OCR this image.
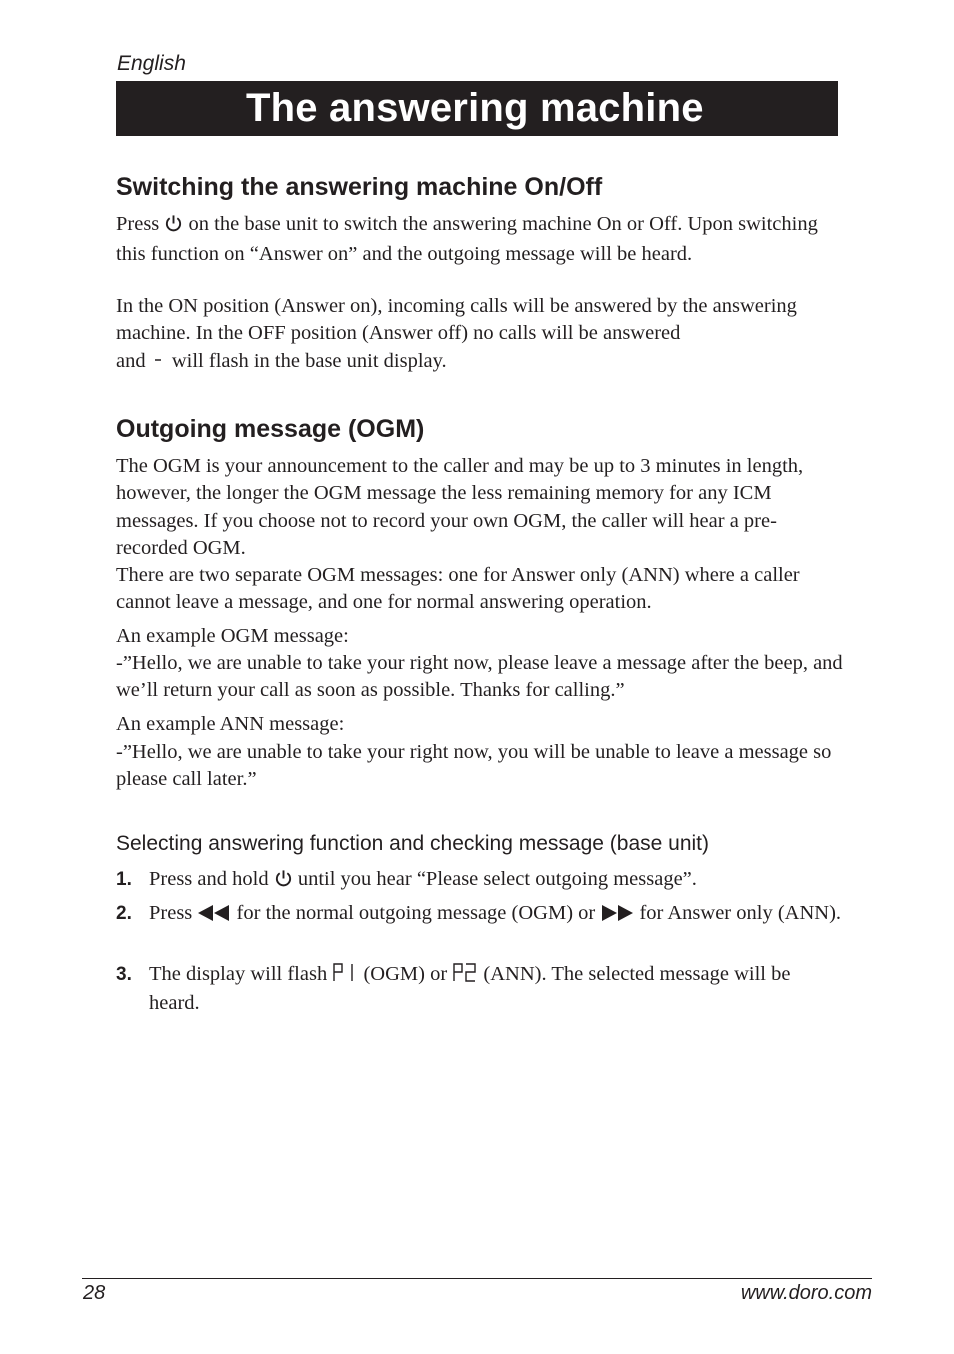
English
The answering machine
Switching the answering machine On/Off

Press on the base unit to switch the answering machine On or Off. Upon switching this function on “Answer on” and the outgoing message will be heard.

In the ON position (Answer on), incoming calls will be answered by the answering machine. In the OFF position (Answer off) no calls will be answered
and will flash in the base unit display.

Outgoing message (OGM)

The OGM is your announcement to the caller and may be up to 3 minutes in length, however, the longer the OGM message the less remaining memory for any ICM messages. If you choose not to record your own OGM, the caller will hear a pre-recorded OGM.

There are two separate OGM messages: one for Answer only (ANN) where a caller cannot leave a message, and one for normal answering operation.

An example OGM message:

-”Hello, we are unable to take your right now, please leave a message after the beep, and we’ll return your call as soon as possible. Thanks for calling.”

An example ANN message:

-”Hello, we are unable to take your right now, you will be unable to leave a message so please call later.”

Selecting answering function and checking message (base unit)
1. Press and hold until you hear “Please select outgoing message”.
2. Press for the normal outgoing message (OGM) or for Answer only (ANN).
3. The display will flash (OGM) or (ANN). The selected message will be heard.
28	www.doro.com
